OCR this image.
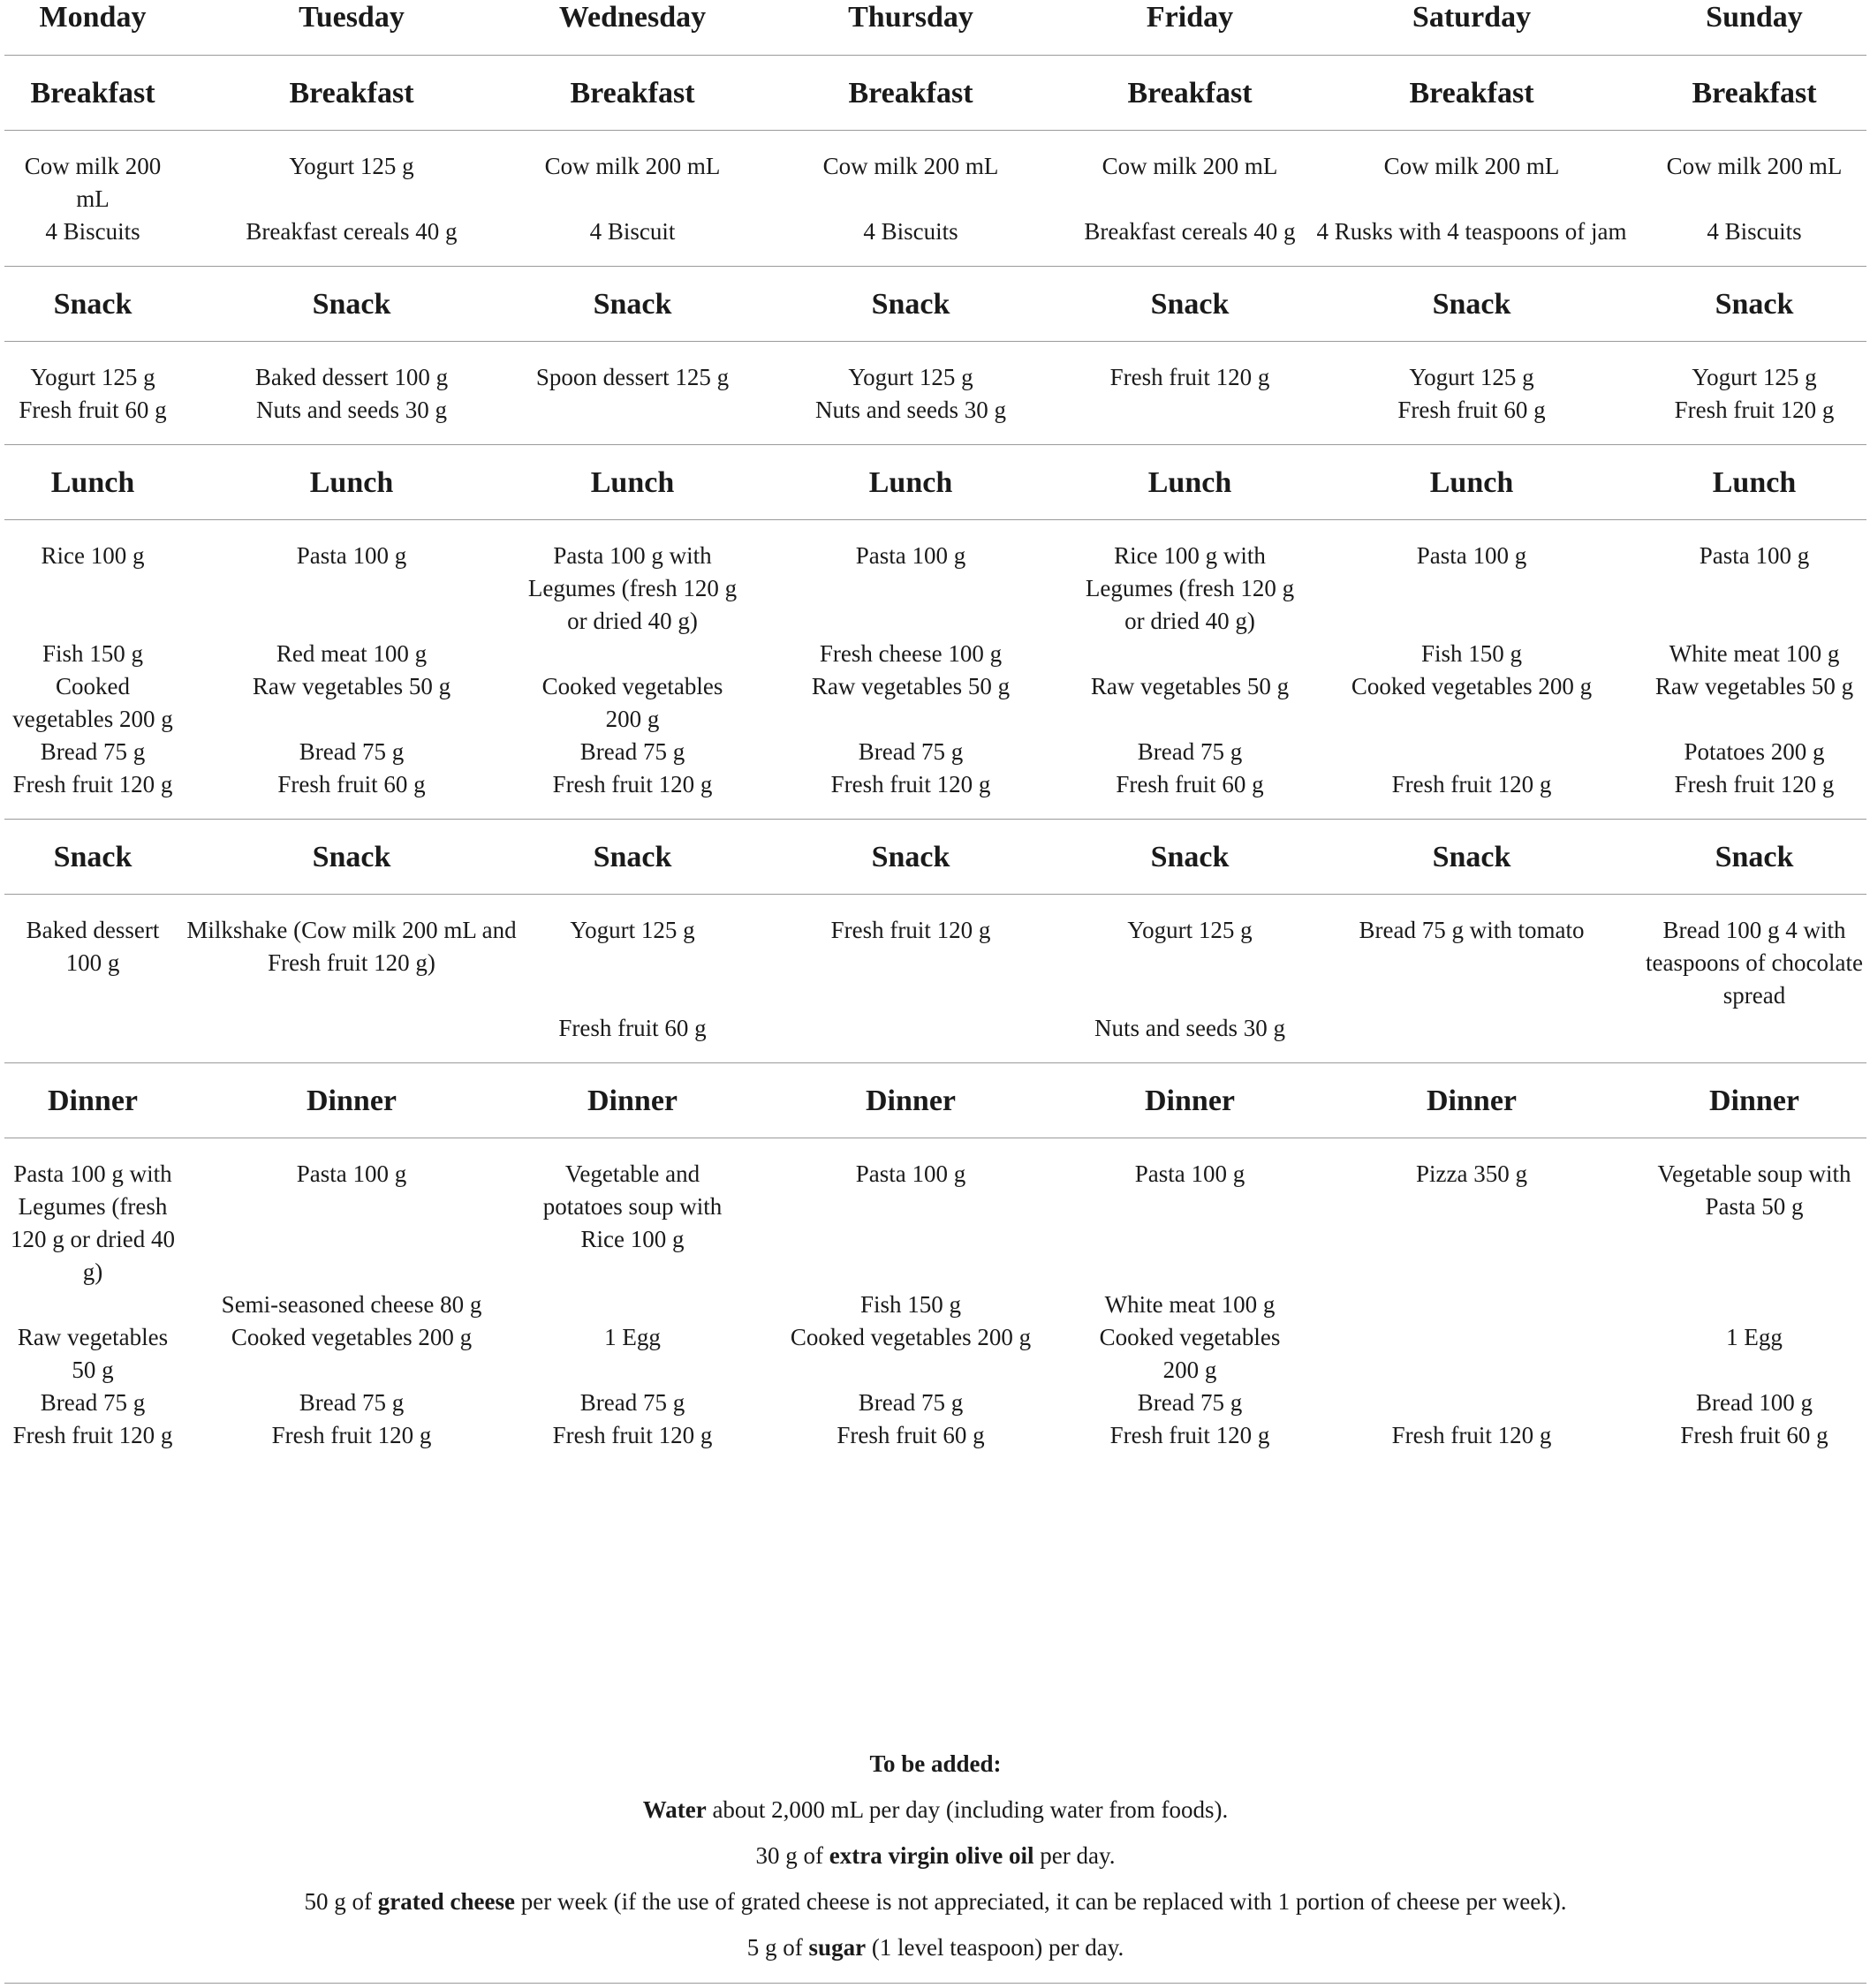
Monday	Tuesday	Wednesday	Thursday	Friday	Saturday	Sunday
Breakfast	Breakfast	Breakfast	Breakfast	Breakfast	Breakfast	Breakfast
Cow milk 200 mL	Yogurt 125 g	Cow milk 200 mL	Cow milk 200 mL	Cow milk 200 mL	Cow milk 200 mL	Cow milk 200 mL
4 Biscuits	Breakfast cereals 40 g	4 Biscuit	4 Biscuits	Breakfast cereals 40 g	4 Rusks with 4 teaspoons of jam	4 Biscuits
Snack	Snack	Snack	Snack	Snack	Snack	Snack
Yogurt 125 g	Baked dessert 100 g	Spoon dessert 125 g	Yogurt 125 g	Fresh fruit 120 g	Yogurt 125 g	Yogurt 125 g
Fresh fruit 60 g	Nuts and seeds 30 g		Nuts and seeds 30 g		Fresh fruit 60 g	Fresh fruit 120 g
Lunch	Lunch	Lunch	Lunch	Lunch	Lunch	Lunch
Rice 100 g	Pasta 100 g	Pasta 100 g with Legumes (fresh 120 g or dried 40 g)	Pasta 100 g	Rice 100 g with Legumes (fresh 120 g or dried 40 g)	Pasta 100 g	Pasta 100 g
Fish 150 g	Red meat 100 g		Fresh cheese 100 g		Fish 150 g	White meat 100 g
Cooked vegetables 200 g	Raw vegetables 50 g	Cooked vegetables 200 g	Raw vegetables 50 g	Raw vegetables 50 g	Cooked vegetables 200 g	Raw vegetables 50 g
Bread 75 g	Bread 75 g	Bread 75 g	Bread 75 g	Bread 75 g		Potatoes 200 g
Fresh fruit 120 g	Fresh fruit 60 g	Fresh fruit 120 g	Fresh fruit 120 g	Fresh fruit 60 g	Fresh fruit 120 g	Fresh fruit 120 g
Snack	Snack	Snack	Snack	Snack	Snack	Snack
Baked dessert 100 g	Milkshake (Cow milk 200 mL and Fresh fruit 120 g)	Yogurt 125 g	Fresh fruit 120 g	Yogurt 125 g	Bread 75 g with tomato	Bread 100 g 4 with teaspoons of chocolate spread
		Fresh fruit 60 g		Nuts and seeds 30 g		
Dinner	Dinner	Dinner	Dinner	Dinner	Dinner	Dinner
Pasta 100 g with Legumes (fresh 120 g or dried 40 g)	Pasta 100 g	Vegetable and potatoes soup with Rice 100 g	Pasta 100 g	Pasta 100 g	Pizza 350 g	Vegetable soup with Pasta 50 g
	Semi-seasoned cheese 80 g		Fish 150 g	White meat 100 g		
Raw vegetables 50 g	Cooked vegetables 200 g	1 Egg	Cooked vegetables 200 g	Cooked vegetables 200 g		1 Egg
Bread 75 g	Bread 75 g	Bread 75 g	Bread 75 g	Bread 75 g		Bread 100 g
Fresh fruit 120 g	Fresh fruit 120 g	Fresh fruit 120 g	Fresh fruit 60 g	Fresh fruit 120 g	Fresh fruit 120 g	Fresh fruit 60 g
To be added:
Water about 2,000 mL per day (including water from foods).
30 g of extra virgin olive oil per day.
50 g of grated cheese per week (if the use of grated cheese is not appreciated, it can be replaced with 1 portion of cheese per week).
5 g of sugar (1 level teaspoon) per day.
